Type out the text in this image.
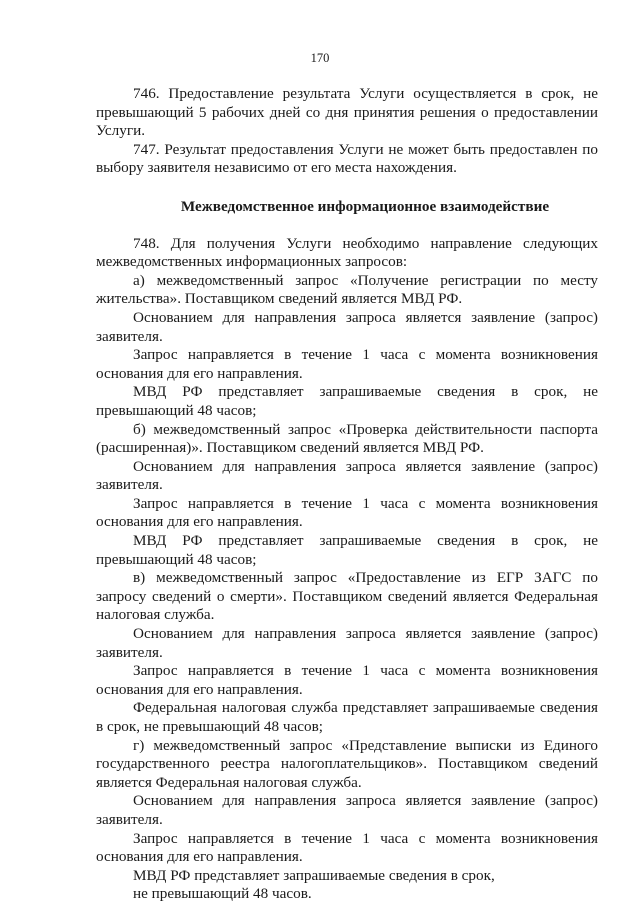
170

746. Предоставление результата Услуги осуществляется в срок, не превышающий 5 рабочих дней со дня принятия решения о предоставлении Услуги.

747. Результат предоставления Услуги не может быть предоставлен по выбору заявителя независимо от его места нахождения.

Межведомственное информационное взаимодействие

748. Для получения Услуги необходимо направление следующих межведомственных информационных запросов:

а) межведомственный запрос «Получение регистрации по месту жительства». Поставщиком сведений является МВД РФ.

Основанием для направления запроса является заявление (запрос) заявителя.

Запрос направляется в течение 1 часа с момента возникновения основания для его направления.

МВД РФ представляет запрашиваемые сведения в срок, не превышающий 48 часов;

б) межведомственный запрос «Проверка действительности паспорта (расширенная)». Поставщиком сведений является МВД РФ.

Основанием для направления запроса является заявление (запрос) заявителя.

Запрос направляется в течение 1 часа с момента возникновения основания для его направления.

МВД РФ представляет запрашиваемые сведения в срок, не превышающий 48 часов;

в) межведомственный запрос «Предоставление из ЕГР ЗАГС по запросу сведений о смерти». Поставщиком сведений является Федеральная налоговая служба.

Основанием для направления запроса является заявление (запрос) заявителя.

Запрос направляется в течение 1 часа с момента возникновения основания для его направления.

Федеральная налоговая служба представляет запрашиваемые сведения в срок, не превышающий 48 часов;

г) межведомственный запрос «Представление выписки из Единого государственного реестра налогоплательщиков». Поставщиком сведений является Федеральная налоговая служба.

Основанием для направления запроса является заявление (запрос) заявителя.

Запрос направляется в течение 1 часа с момента возникновения основания для его направления.

МВД РФ представляет запрашиваемые сведения в срок,

не превышающий 48 часов.
